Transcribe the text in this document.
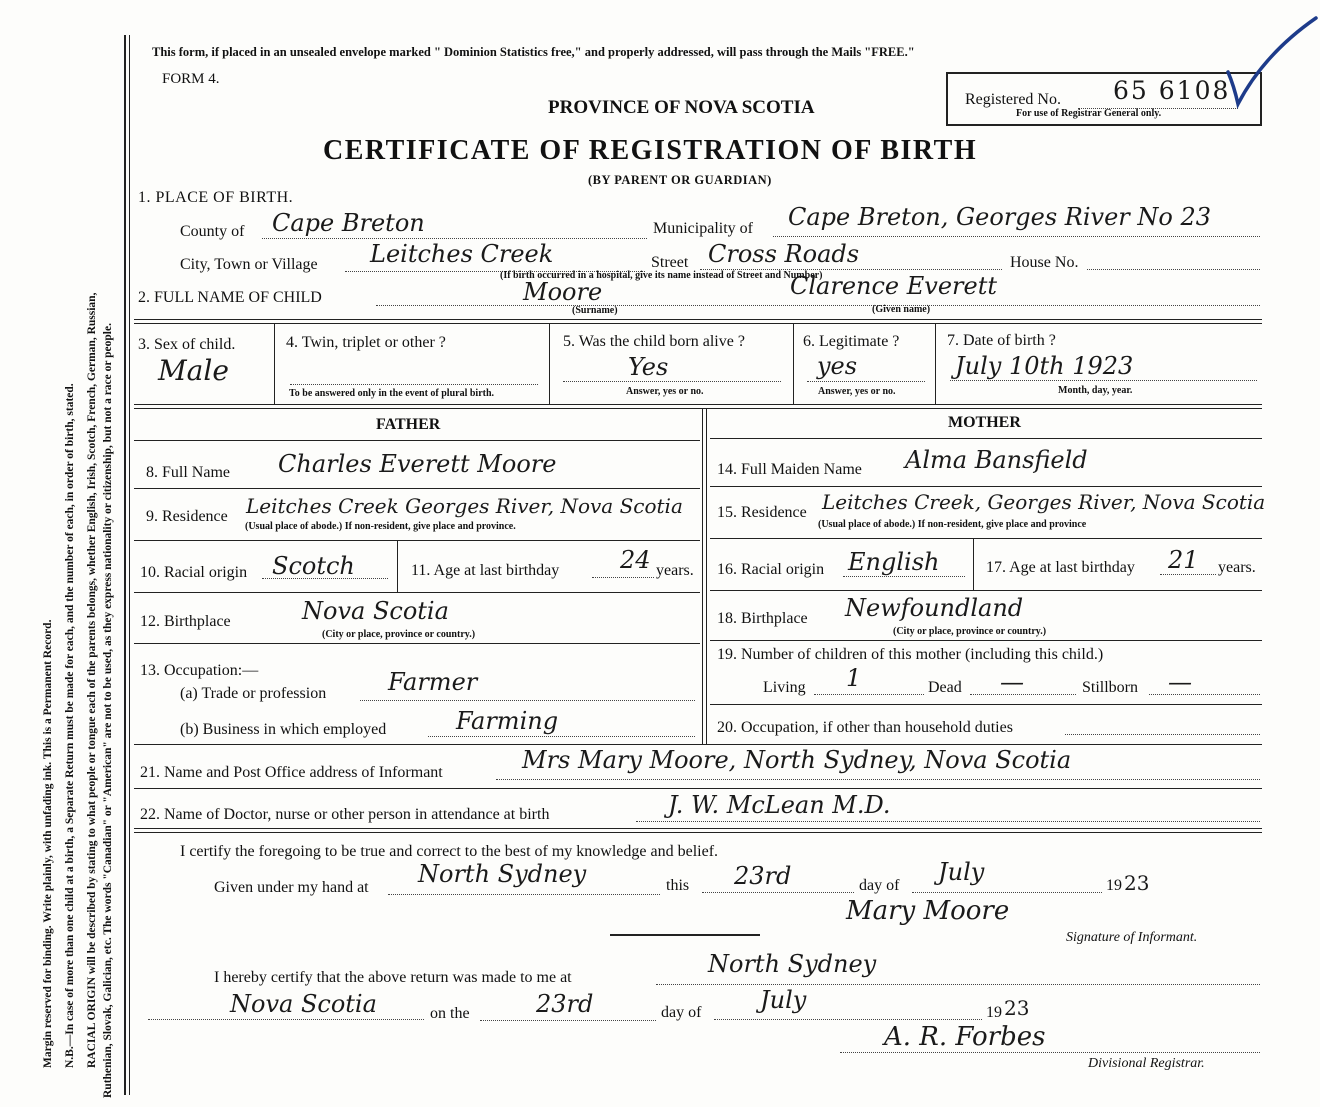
Margin reserved for binding. Write plainly, with unfading ink. This is a Permanent Record. N.B.—In case of more than one child at a birth, a Separate Return must be made for each, and the number of each, in order of birth, stated. RACIAL ORIGIN will be described by stating to what people or tongue each of the parents belongs, whether English, Irish, Scotch, French, German, Russian, Ruthenian, Slovak, Galician, etc. The words "Canadian" or "American" are not to be used, as they express nationality or citizenship, but not a race or people.
This form, if placed in an unsealed envelope marked " Dominion Statistics free," and properly addressed, will pass through the Mails "FREE."
FORM 4.
PROVINCE OF NOVA SCOTIA
CERTIFICATE OF REGISTRATION OF BIRTH
(BY PARENT OR GUARDIAN)
Registered No. 65 6108
For use of Registrar General only.
1. PLACE OF BIRTH.
County of Cape Breton	Municipality of Cape Breton, Georges River No 23
City, Town or Village Leitches Creek	Street Cross Roads
(If birth occurred in a hospital, give its name instead of Street and Number)
House No.
2. FULL NAME OF CHILD	Moore	Clarence Everett
(Surname)	(Given name)
3. Sex of child.
Male
4. Twin, triplet or other ?
To be answered only in the event of plural birth.
5. Was the child born alive ?
Yes
Answer, yes or no.
6. Legitimate ?
yes
Answer, yes or no.
7. Date of birth ?
July 10th 1923
Month, day, year.
FATHER	MOTHER
8. Full Name Charles Everett Moore
9. Residence Leitches Creek Georges River, Nova Scotia
(Usual place of abode.) If non-resident, give place and province.
10. Racial origin Scotch	11. Age at last birthday	24 years.
12. Birthplace	Nova Scotia
(City or place, province or country.)
13. Occupation:—
(a) Trade or profession	Farmer
(b) Business in which employed	Farming
14. Full Maiden Name Alma Bansfield
15. Residence Leitches Creek, Georges River, Nova Scotia
(Usual place of abode.) If non-resident, give place and province
16. Racial origin English	17. Age at last birthday 21 years.
18. Birthplace Newfoundland
(City or place, province or country.)
19. Number of children of this mother (including this child.)
Living 1	Dead —	Stillborn —
20. Occupation, if other than household duties
21. Name and Post Office address of Informant	Mrs Mary Moore, North Sydney, Nova Scotia
22. Name of Doctor, nurse or other person in attendance at birth	J. W. McLean M.D.
I certify the foregoing to be true and correct to the best of my knowledge and belief.
Given under my hand at North Sydney	this 23rd	day of July	19 23
Mary Moore
Signature of Informant.
I hereby certify that the above return was made to me at	North Sydney
Nova Scotia	on the	23rd	day of July	19 23
A. R. Forbes
Divisional Registrar.
